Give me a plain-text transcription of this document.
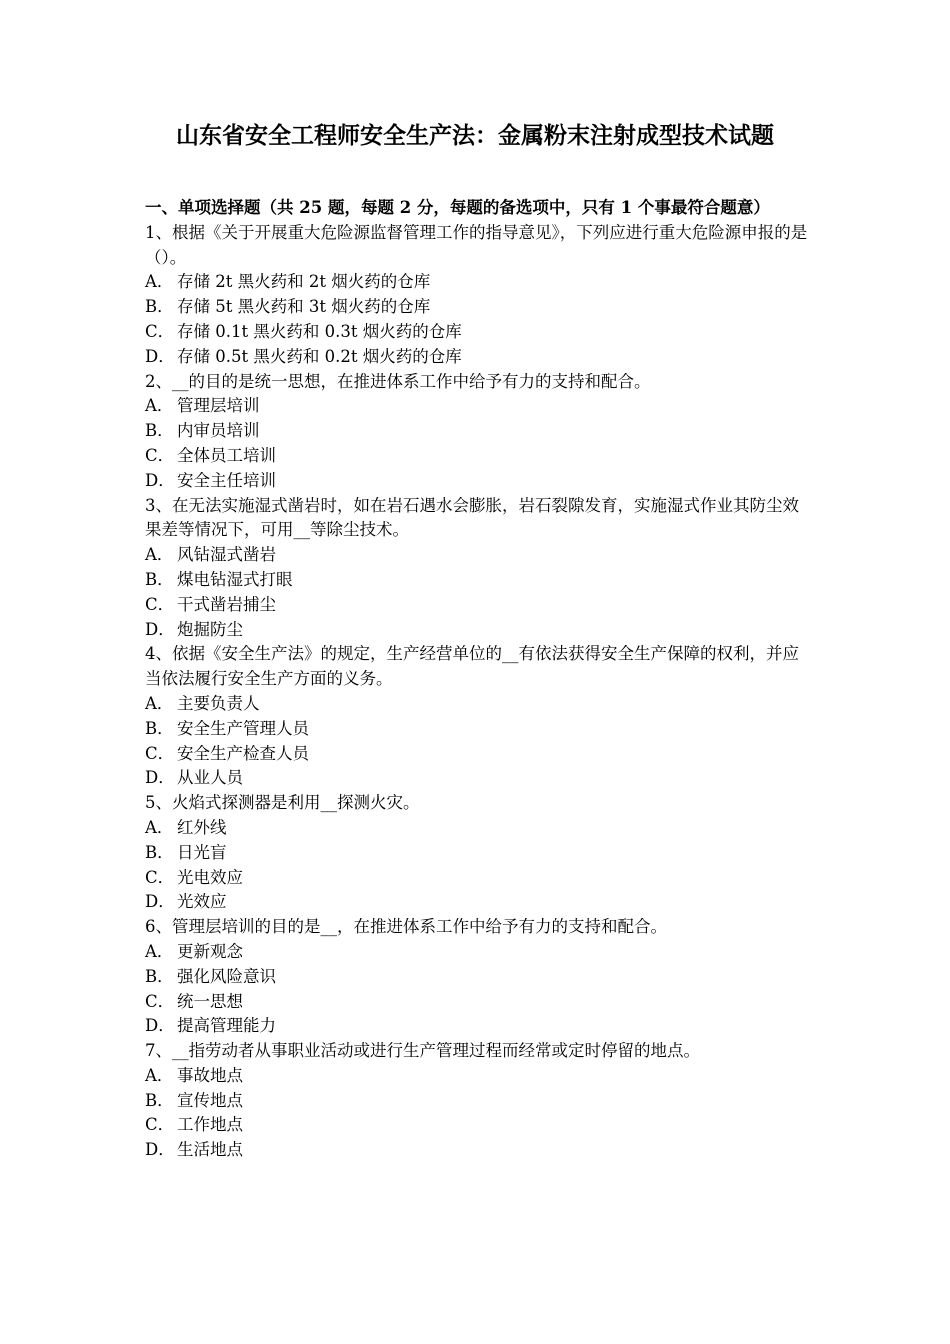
山东省安全工程师安全生产法：金属粉末注射成型技术试题

一、单项选择题（共 25 题，每题 2 分，每题的备选项中，只有 1 个事最符合题意）

1、根据《关于开展重大危险源监督管理工作的指导意见》，下列应进行重大危险源申报的是（）。

A． 存储 2t 黑火药和 2t 烟火药的仓库
B． 存储 5t 黑火药和 3t 烟火药的仓库
C． 存储 0.1t 黑火药和 0.3t 烟火药的仓库
D． 存储 0.5t 黑火药和 0.2t 烟火药的仓库

2、__的目的是统一思想，在推进体系工作中给予有力的支持和配合。

A． 管理层培训
B． 内审员培训
C． 全体员工培训
D． 安全主任培训

3、在无法实施湿式凿岩时，如在岩石遇水会膨胀，岩石裂隙发育，实施湿式作业其防尘效果差等情况下，可用__等除尘技术。

A． 风钻湿式凿岩
B． 煤电钻湿式打眼
C． 干式凿岩捕尘
D． 炮掘防尘

4、依据《安全生产法》的规定，生产经营单位的__有依法获得安全生产保障的权利，并应当依法履行安全生产方面的义务。

A． 主要负责人
B． 安全生产管理人员
C． 安全生产检查人员
D． 从业人员

5、火焰式探测器是利用__探测火灾。

A． 红外线
B． 日光盲
C． 光电效应
D． 光效应

6、管理层培训的目的是__，在推进体系工作中给予有力的支持和配合。

A． 更新观念
B． 强化风险意识
C． 统一思想
D． 提高管理能力

7、__指劳动者从事职业活动或进行生产管理过程而经常或定时停留的地点。

A． 事故地点
B． 宣传地点
C． 工作地点
D． 生活地点
